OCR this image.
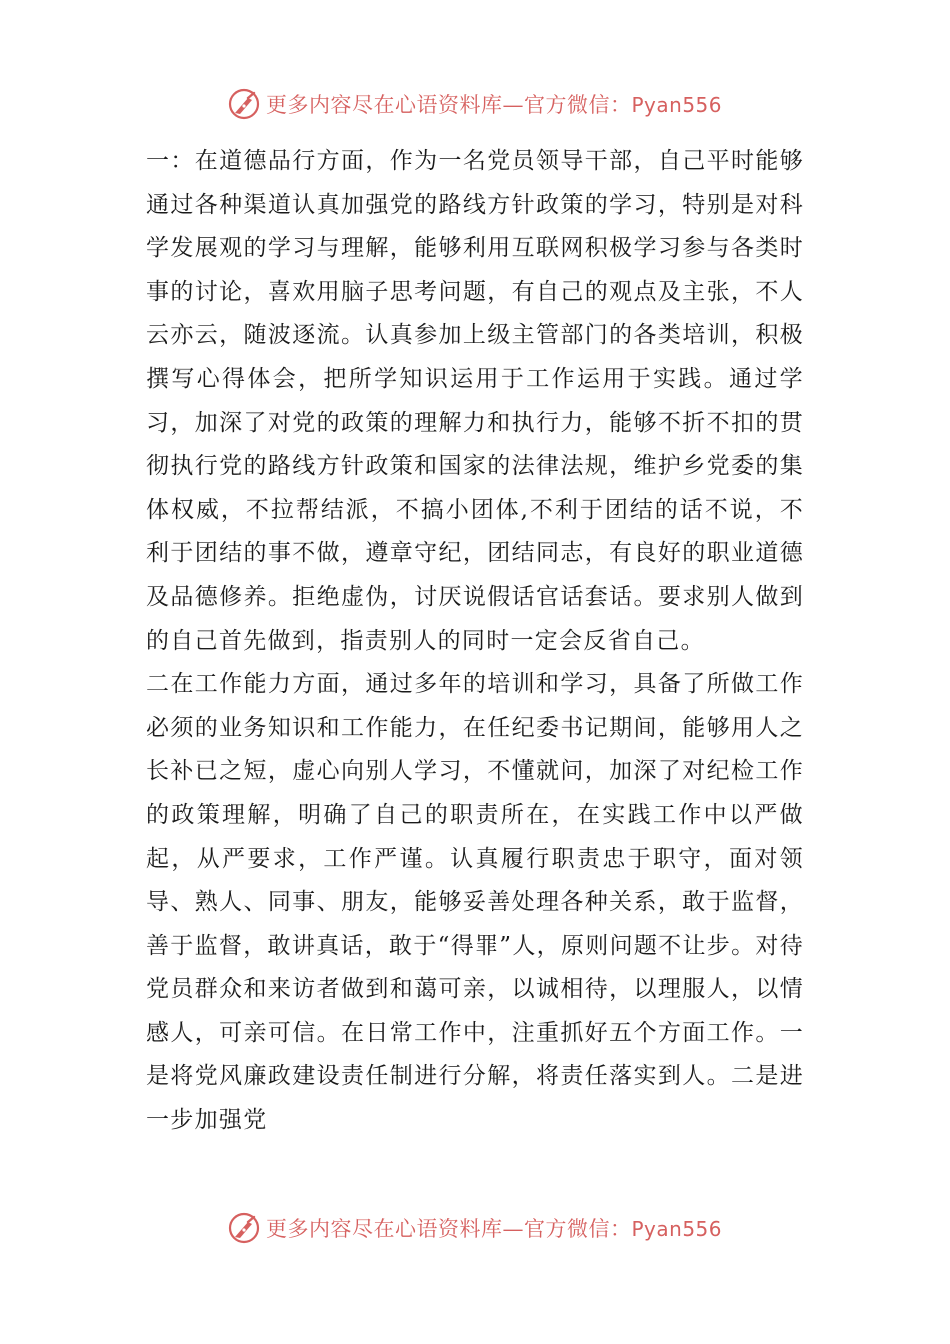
更多内容尽在心语资料库—官方微信：Pyan556

一：在道德品行方面，作为一名党员领导干部，自己平时能够通过各种渠道认真加强党的路线方针政策的学习，特别是对科学发展观的学习与理解，能够利用互联网积极学习参与各类时事的讨论，喜欢用脑子思考问题，有自己的观点及主张，不人云亦云，随波逐流。认真参加上级主管部门的各类培训，积极撰写心得体会，把所学知识运用于工作运用于实践。通过学习，加深了对党的政策的理解力和执行力，能够不折不扣的贯彻执行党的路线方针政策和国家的法律法规，维护乡党委的集体权威，不拉帮结派，不搞小团体,不利于团结的话不说，不利于团结的事不做，遵章守纪，团结同志，有良好的职业道德及品德修养。拒绝虚伪，讨厌说假话官话套话。要求别人做到的自己首先做到，指责别人的同时一定会反省自己。

二在工作能力方面，通过多年的培训和学习，具备了所做工作必须的业务知识和工作能力，在任纪委书记期间，能够用人之长补已之短，虚心向别人学习，不懂就问，加深了对纪检工作的政策理解，明确了自己的职责所在，在实践工作中以严做起，从严要求，工作严谨。认真履行职责忠于职守，面对领导、熟人、同事、朋友，能够妥善处理各种关系，敢于监督，善于监督，敢讲真话，敢于“得罪”人，原则问题不让步。对待党员群众和来访者做到和蔼可亲，以诚相待，以理服人，以情感人，可亲可信。在日常工作中，注重抓好五个方面工作。一是将党风廉政建设责任制进行分解，将责任落实到人。二是进一步加强党

更多内容尽在心语资料库—官方微信：Pyan556
